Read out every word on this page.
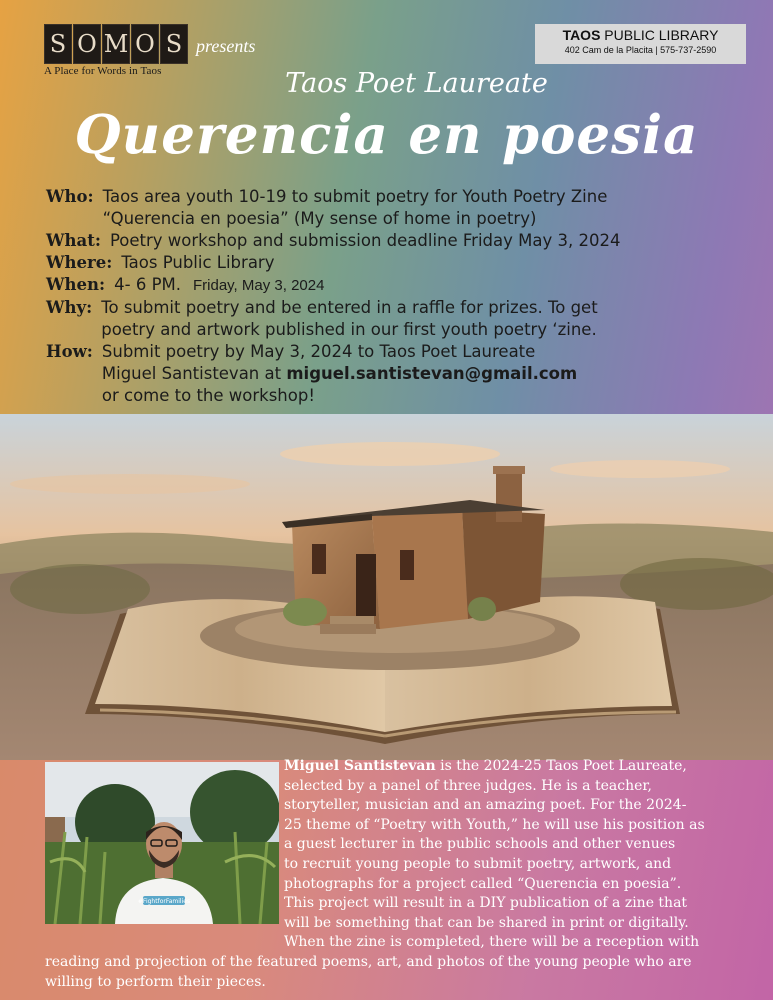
S O M O S
A Place for Words in Taos
presents
TAOS PUBLIC LIBRARY
402 Cam de la Placita | 575-737-2590
Taos Poet Laureate
Querencia en poesia
Who: Taos area youth 10-19 to submit poetry for Youth Poetry Zine
“Querencia en poesia” (My sense of home in poetry)
What: Poetry workshop and submission deadline Friday May 3, 2024
Where: Taos Public Library
When: 4- 6 PM. Friday, May 3, 2024
Why: To submit poetry and be entered in a raffle for prizes. To get
poetry and artwork published in our first youth poetry ‘zine.
How: Submit poetry by May 3, 2024 to Taos Poet Laureate
Miguel Santistevan at miguel.santistevan@gmail.com
or come to the workshop!
#FightforFamilies
Miguel Santistevan is the 2024-25 Taos Poet Laureate,
selected by a panel of three judges. He is a teacher,
storyteller, musician and an amazing poet. For the 2024-
25 theme of “Poetry with Youth,” he will use his position as
a guest lecturer in the public schools and other venues
to recruit young people to submit poetry, artwork, and
photographs for a project called “Querencia en poesia”.
This project will result in a DIY publication of a zine that
will be something that can be shared in print or digitally.
When the zine is completed, there will be a reception with
reading and projection of the featured poems, art, and photos of the young people who are
willing to perform their pieces.
